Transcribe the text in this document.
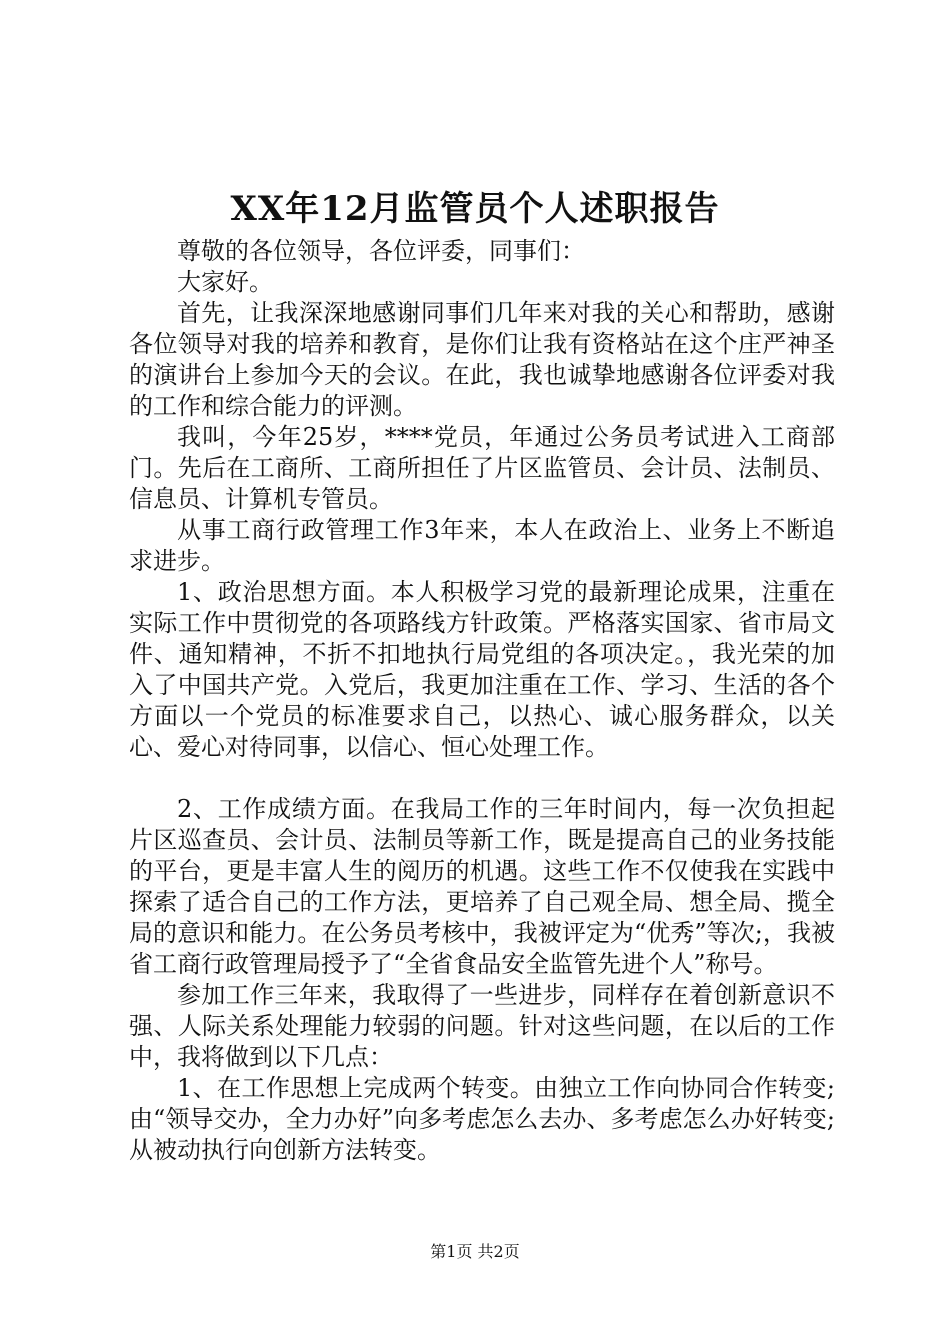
XX年12月监管员个人述职报告

尊敬的各位领导，各位评委，同事们：

大家好。

首先，让我深深地感谢同事们几年来对我的关心和帮助，感谢各位领导对我的培养和教育，是你们让我有资格站在这个庄严神圣的演讲台上参加今天的会议。在此，我也诚挚地感谢各位评委对我的工作和综合能力的评测。

我叫，今年25岁，****党员，年通过公务员考试进入工商部门。先后在工商所、工商所担任了片区监管员、会计员、法制员、信息员、计算机专管员。

从事工商行政管理工作3年来，本人在政治上、业务上不断追求进步。

1、政治思想方面。本人积极学习党的最新理论成果，注重在实际工作中贯彻党的各项路线方针政策。严格落实国家、省市局文件、通知精神，不折不扣地执行局党组的各项决定。，我光荣的加入了中国共产党。入党后，我更加注重在工作、学习、生活的各个方面以一个党员的标准要求自己，以热心、诚心服务群众，以关心、爱心对待同事，以信心、恒心处理工作。

2、工作成绩方面。在我局工作的三年时间内，每一次负担起片区巡查员、会计员、法制员等新工作，既是提高自己的业务技能的平台，更是丰富人生的阅历的机遇。这些工作不仅使我在实践中探索了适合自己的工作方法，更培养了自己观全局、想全局、揽全局的意识和能力。在公务员考核中，我被评定为“优秀”等次;，我被省工商行政管理局授予了“全省食品安全监管先进个人”称号。

参加工作三年来，我取得了一些进步，同样存在着创新意识不强、人际关系处理能力较弱的问题。针对这些问题，在以后的工作中，我将做到以下几点：

1、在工作思想上完成两个转变。由独立工作向协同合作转变;由“领导交办，全力办好”向多考虑怎么去办、多考虑怎么办好转变;从被动执行向创新方法转变。

第1页 共2页
